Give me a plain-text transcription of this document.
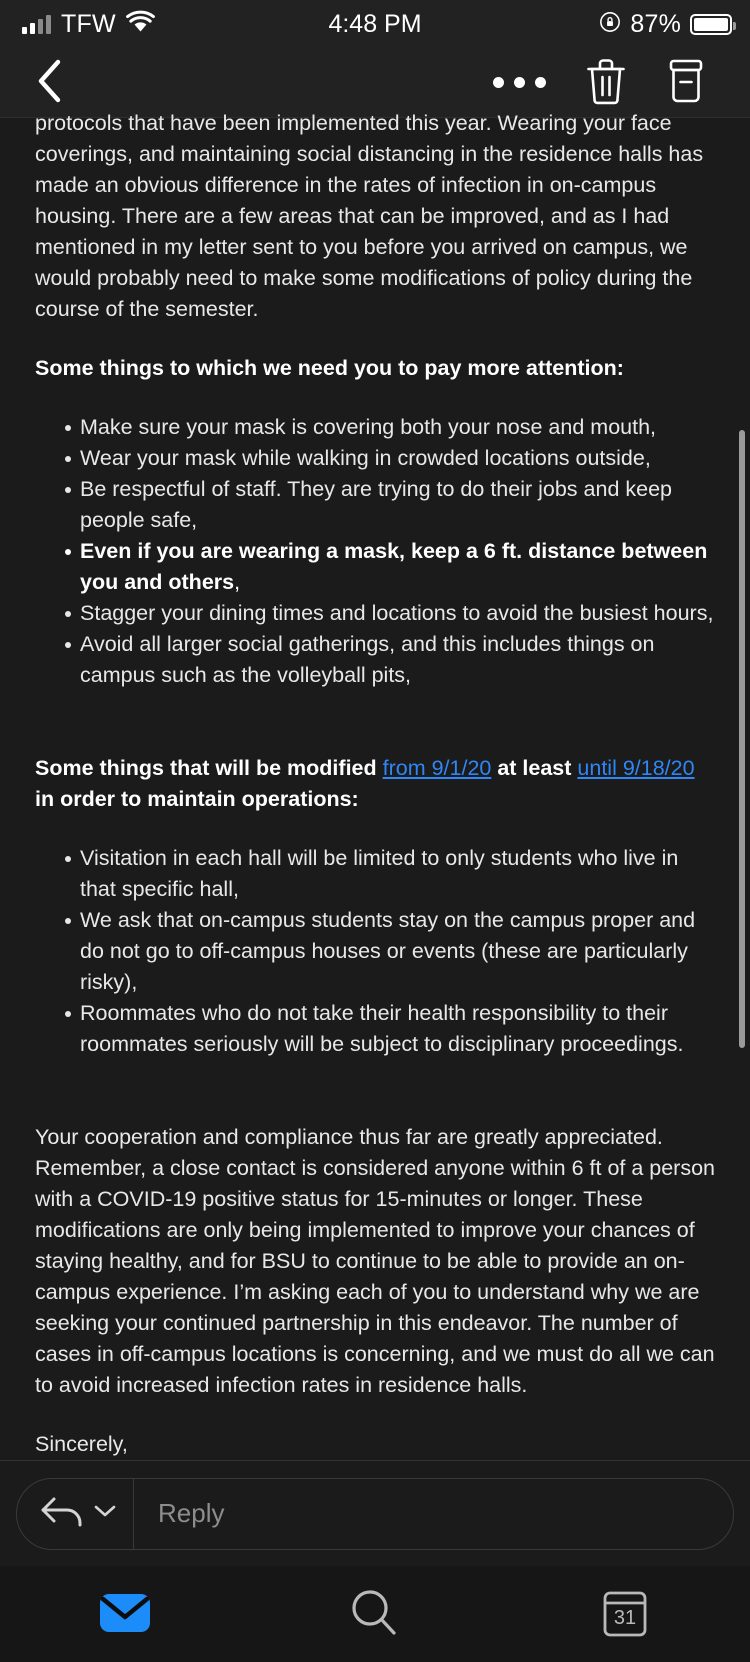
TFW	4:48 PM	87%

protocols that have been implemented this year. Wearing your face coverings, and maintaining social distancing in the residence halls has made an obvious difference in the rates of infection in on-campus housing. There are a few areas that can be improved, and as I had mentioned in my letter sent to you before you arrived on campus, we would probably need to make some modifications of policy during the course of the semester.

Some things to which we need you to pay more attention:

Make sure your mask is covering both your nose and mouth,
Wear your mask while walking in crowded locations outside,
Be respectful of staff. They are trying to do their jobs and keep people safe,
Even if you are wearing a mask, keep a 6 ft. distance between you and others,
Stagger your dining times and locations to avoid the busiest hours,
Avoid all larger social gatherings, and this includes things on campus such as the volleyball pits,

Some things that will be modified from 9/1/20 at least until 9/18/20 in order to maintain operations:

Visitation in each hall will be limited to only students who live in that specific hall,
We ask that on-campus students stay on the campus proper and do not go to off-campus houses or events (these are particularly risky),
Roommates who do not take their health responsibility to their roommates seriously will be subject to disciplinary proceedings.

Your cooperation and compliance thus far are greatly appreciated. Remember, a close contact is considered anyone within 6 ft of a person with a COVID-19 positive status for 15-minutes or longer. These modifications are only being implemented to improve your chances of staying healthy, and for BSU to continue to be able to provide an on-campus experience. I’m asking each of you to understand why we are seeking your continued partnership in this endeavor. The number of cases in off-campus locations is concerning, and we must do all we can to avoid increased infection rates in residence halls.

Sincerely,

Reply
31
